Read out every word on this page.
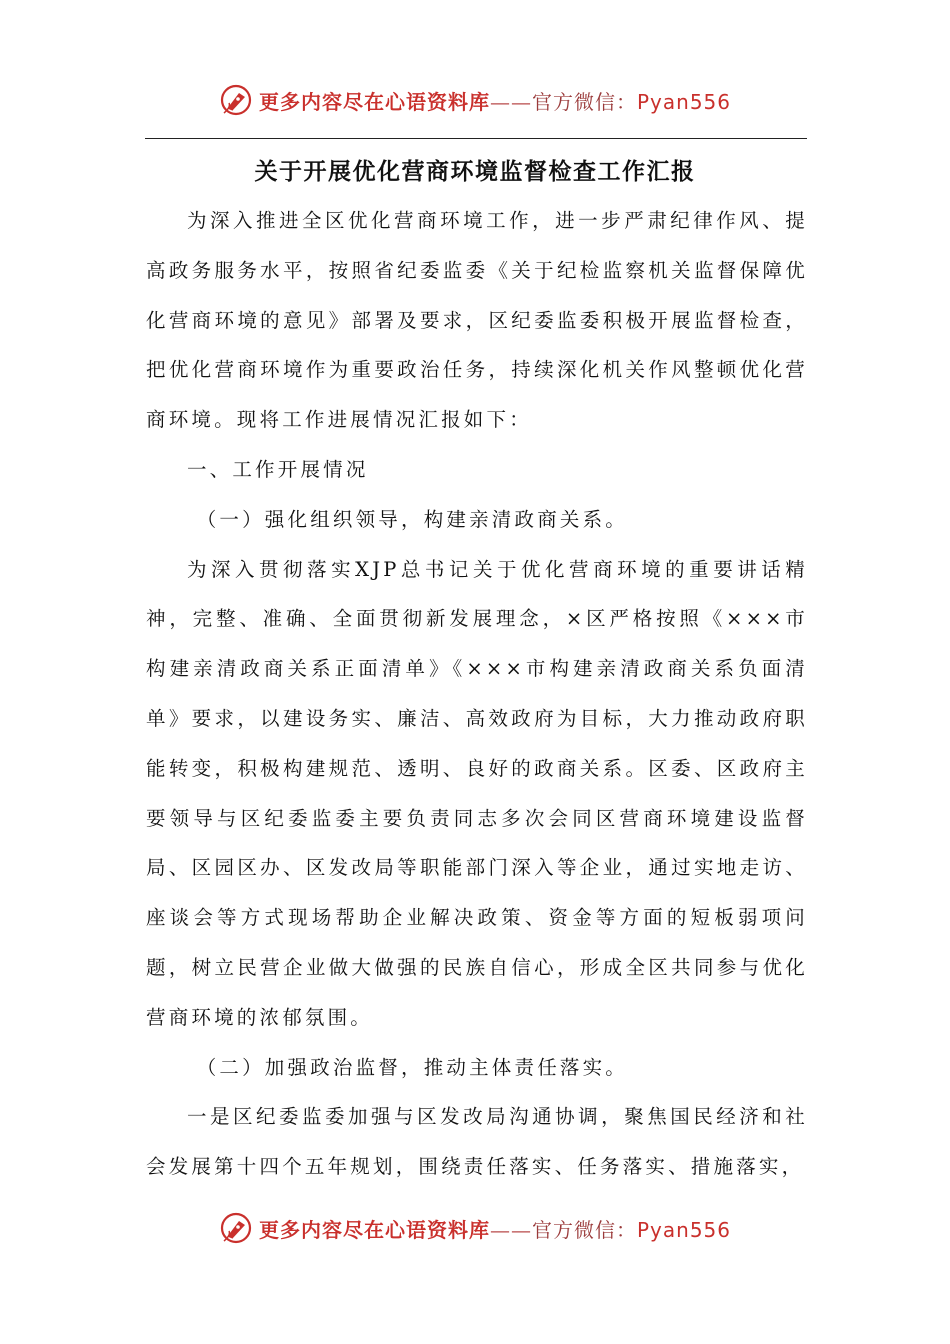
更多内容尽在心语资料库——官方微信：Pyan556
关于开展优化营商环境监督检查工作汇报

为深入推进全区优化营商环境工作，进一步严肃纪律作风、提高政务服务水平，按照省纪委监委《关于纪检监察机关监督保障优化营商环境的意见》部署及要求，区纪委监委积极开展监督检查，把优化营商环境作为重要政治任务，持续深化机关作风整顿优化营商环境。现将工作进展情况汇报如下：

一、工作开展情况

（一）强化组织领导，构建亲清政商关系。

为深入贯彻落实XJP总书记关于优化营商环境的重要讲话精神，完整、准确、全面贯彻新发展理念，×区严格按照《×××市构建亲清政商关系正面清单》《×××市构建亲清政商关系负面清单》要求，以建设务实、廉洁、高效政府为目标，大力推动政府职能转变，积极构建规范、透明、良好的政商关系。区委、区政府主要领导与区纪委监委主要负责同志多次会同区营商环境建设监督局、区园区办、区发改局等职能部门深入等企业，通过实地走访、座谈会等方式现场帮助企业解决政策、资金等方面的短板弱项问题，树立民营企业做大做强的民族自信心，形成全区共同参与优化营商环境的浓郁氛围。

（二）加强政治监督，推动主体责任落实。

一是区纪委监委加强与区发改局沟通协调，聚焦国民经济和社会发展第十四个五年规划，围绕责任落实、任务落实、措施落实，

更多内容尽在心语资料库——官方微信：Pyan556
